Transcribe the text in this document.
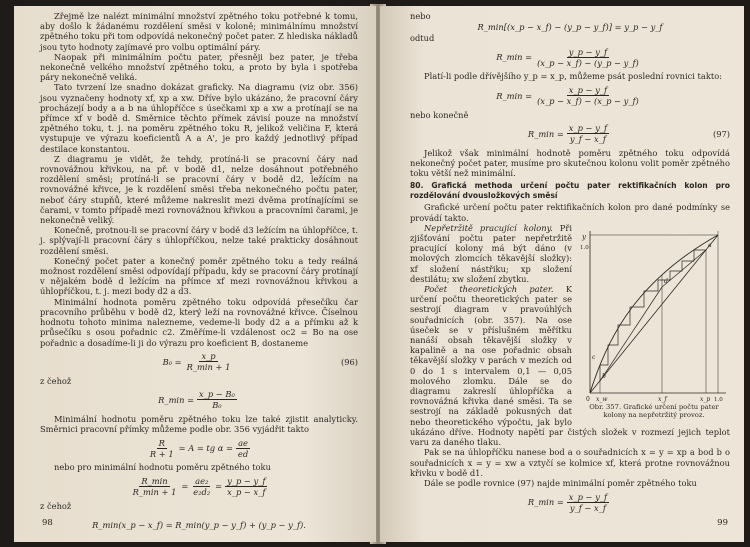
Zřejmě lze nalézt minimální množství zpětného toku potřebné k tomu, aby došlo k žádanému rozdělení směsi v koloně; minimálnímu množství zpětného toku při tom odpovídá nekonečný počet pater. Z hlediska nákladů jsou tyto hodnoty zajímavé pro volbu optimální páry.

Naopak při minimálním počtu pater, přesněji bez pater, je třeba nekonečně velkého množství zpětného toku, a proto by byla i spotřeba páry nekonečně veliká.

Tato tvrzení lze snadno dokázat graficky. Na diagramu (viz obr. 356) jsou vyznačeny hodnoty xf, xp a xw. Dříve bylo ukázáno, že pracovní čáry procházejí body a a b na úhlopříčce s úsečkami xp a xw a protínají se na přímce xf v bodě d. Směrnice těchto přímek závisí pouze na množství zpětného toku, t. j. na poměru zpětného toku R, jelikož veličina F, která vystupuje ve výrazu koeficientů A a A', je pro každý jednotlivý případ destilace konstantou.

Z diagramu je vidět, že tehdy, protíná-li se pracovní čáry nad rovnovážnou křivkou, na př. v bodě d1, nelze dosáhnout potřebného rozdělení směsi; protíná-li se pracovní čáry v bodě d2, ležícím na rovnovážné křivce, je k rozdělení směsi třeba nekonečného počtu pater, neboť čáry stupňů, které můžeme nakreslit mezi dvěma protínajícími se čarami, v tomto případě mezi rovnovážnou křivkou a pracovními čarami, je nekonečně veliký.

Konečně, protnou-li se pracovní čáry v bodě d3 ležícím na úhlopříčce, t. j. splývají-li pracovní čáry s úhlopříčkou, nelze také prakticky dosáhnout rozdělení směsi.

Konečný počet pater a konečný poměr zpětného toku a tedy reálná možnost rozdělení směsi odpovídají případu, kdy se pracovní čáry protínají v nějakém bodě d ležícím na přímce xf mezi rovnovážnou křivkou a úhlopříčkou, t. j. mezi body d2 a d3.

Minimální hodnota poměru zpětného toku odpovídá přesečíku čar pracovního průběhu v bodě d2, který leží na rovnovážné křivce. Číselnou hodnotu tohoto minima nalezneme, vedeme-li body d2 a a přímku až k průsečíku s osou pořadnic c2. Změříme-li vzdálenost oc2 = Bo na ose pořadnic a dosadíme-li ji do výrazu pro koeficient B, dostaneme

$B_0 = \frac{x\_p}{R\_\min + 1}$	(96)

z čehož

R_min = $\frac{\text{x\_p − B₀}}{\text{B₀}}$

Minimální hodnotu poměru zpětného toku lze také zjistit analyticky. Směrnici pracovní přímky můžeme podle obr. 356 vyjádřit takto

$\frac{R}{R + 1} = A$ = tg $\alpha = \frac{ae}{ed}$

nebo pro minimální hodnotu poměru zpětného toku

$\frac{R\_\min}{R\_\min + 1} = \frac{\text{ae₂}}{\text{e₂d₂}} = \frac{y\_p - y\_f}{x\_p - x\_f}$

z čehož

R_min(x_p − x_f) = R_min(y_p − y_f) + (y_p − y_f).
98

nebo

R_min[(x_p − x_f) − (y_p − y_f)] = y_p − y_f

odtud

R_min = $\frac{y\_p - y\_f}{(x\_p - x\_f) - (y\_p - y\_f)}$

Platí-li podle dřívějšího y_p = x_p, můžeme psát poslední rovnici takto:

R_min = $\frac{x\_p - y\_f}{(x\_p - x\_f) - (x\_p - y\_f)}$

nebo konečně

R_min = $\frac{x\_p - y\_f}{y\_f - x\_f}$	(97)

Jelikož však minimální hodnotě poměru zpětného toku odpovídá nekonečný počet pater, musíme pro skutečnou kolonu volit poměr zpětného toku větší než minimální.

80. Grafická methoda určení počtu pater rektifikačních kolon pro rozdělování dvousložkových směsí

Grafické určení počtu pater rektifikačních kolon pro dané podmínky se provádí takto.

y
1.0
0 x_w	x_f	x_p 1.0
a
b
d
c
Obr. 357. Grafické určení počtu pater kolony na nepřetržitý provoz.

Nepřetržitě pracující kolony. Při zjišťování počtu pater nepřetržitě pracující kolony má být dáno (v molových zlomcích těkavější složky): xf složení nástřiku; xp složení destilátu; xw složení zbytku.

Počet theoretických pater. K určení počtu theoretických pater se sestrojí diagram v pravoúhlých souřadnicích (obr. 357). Na ose úseček se v příslušném měřítku nanáší obsah těkavější složky v kapalině a na ose pořadnic obsah těkavější složky v parách v mezích od 0 do 1 s intervalem 0,1 — 0,05 molového zlomku. Dále se do diagramu zakreslí úhlopříčka a rovnovážná křivka dané směsi. Ta se sestrojí na základě pokusných dat nebo theoretického výpočtu, jak bylo ukázáno dříve. Hodnoty napětí par čistých složek v rozmezí jejich teplot varu za daného tlaku.

Pak se na úhlopříčku nanese bod a o souřadnicích x = y = xp a bod b o souřadnicích x = y = xw a vztyčí se kolmice xf, která protne rovnovážnou křivku v bodě d1.

Dále se podle rovnice (97) najde minimální poměr zpětného toku

R_min = $\frac{x\_p - y\_f}{y\_f - x\_f}$
99
